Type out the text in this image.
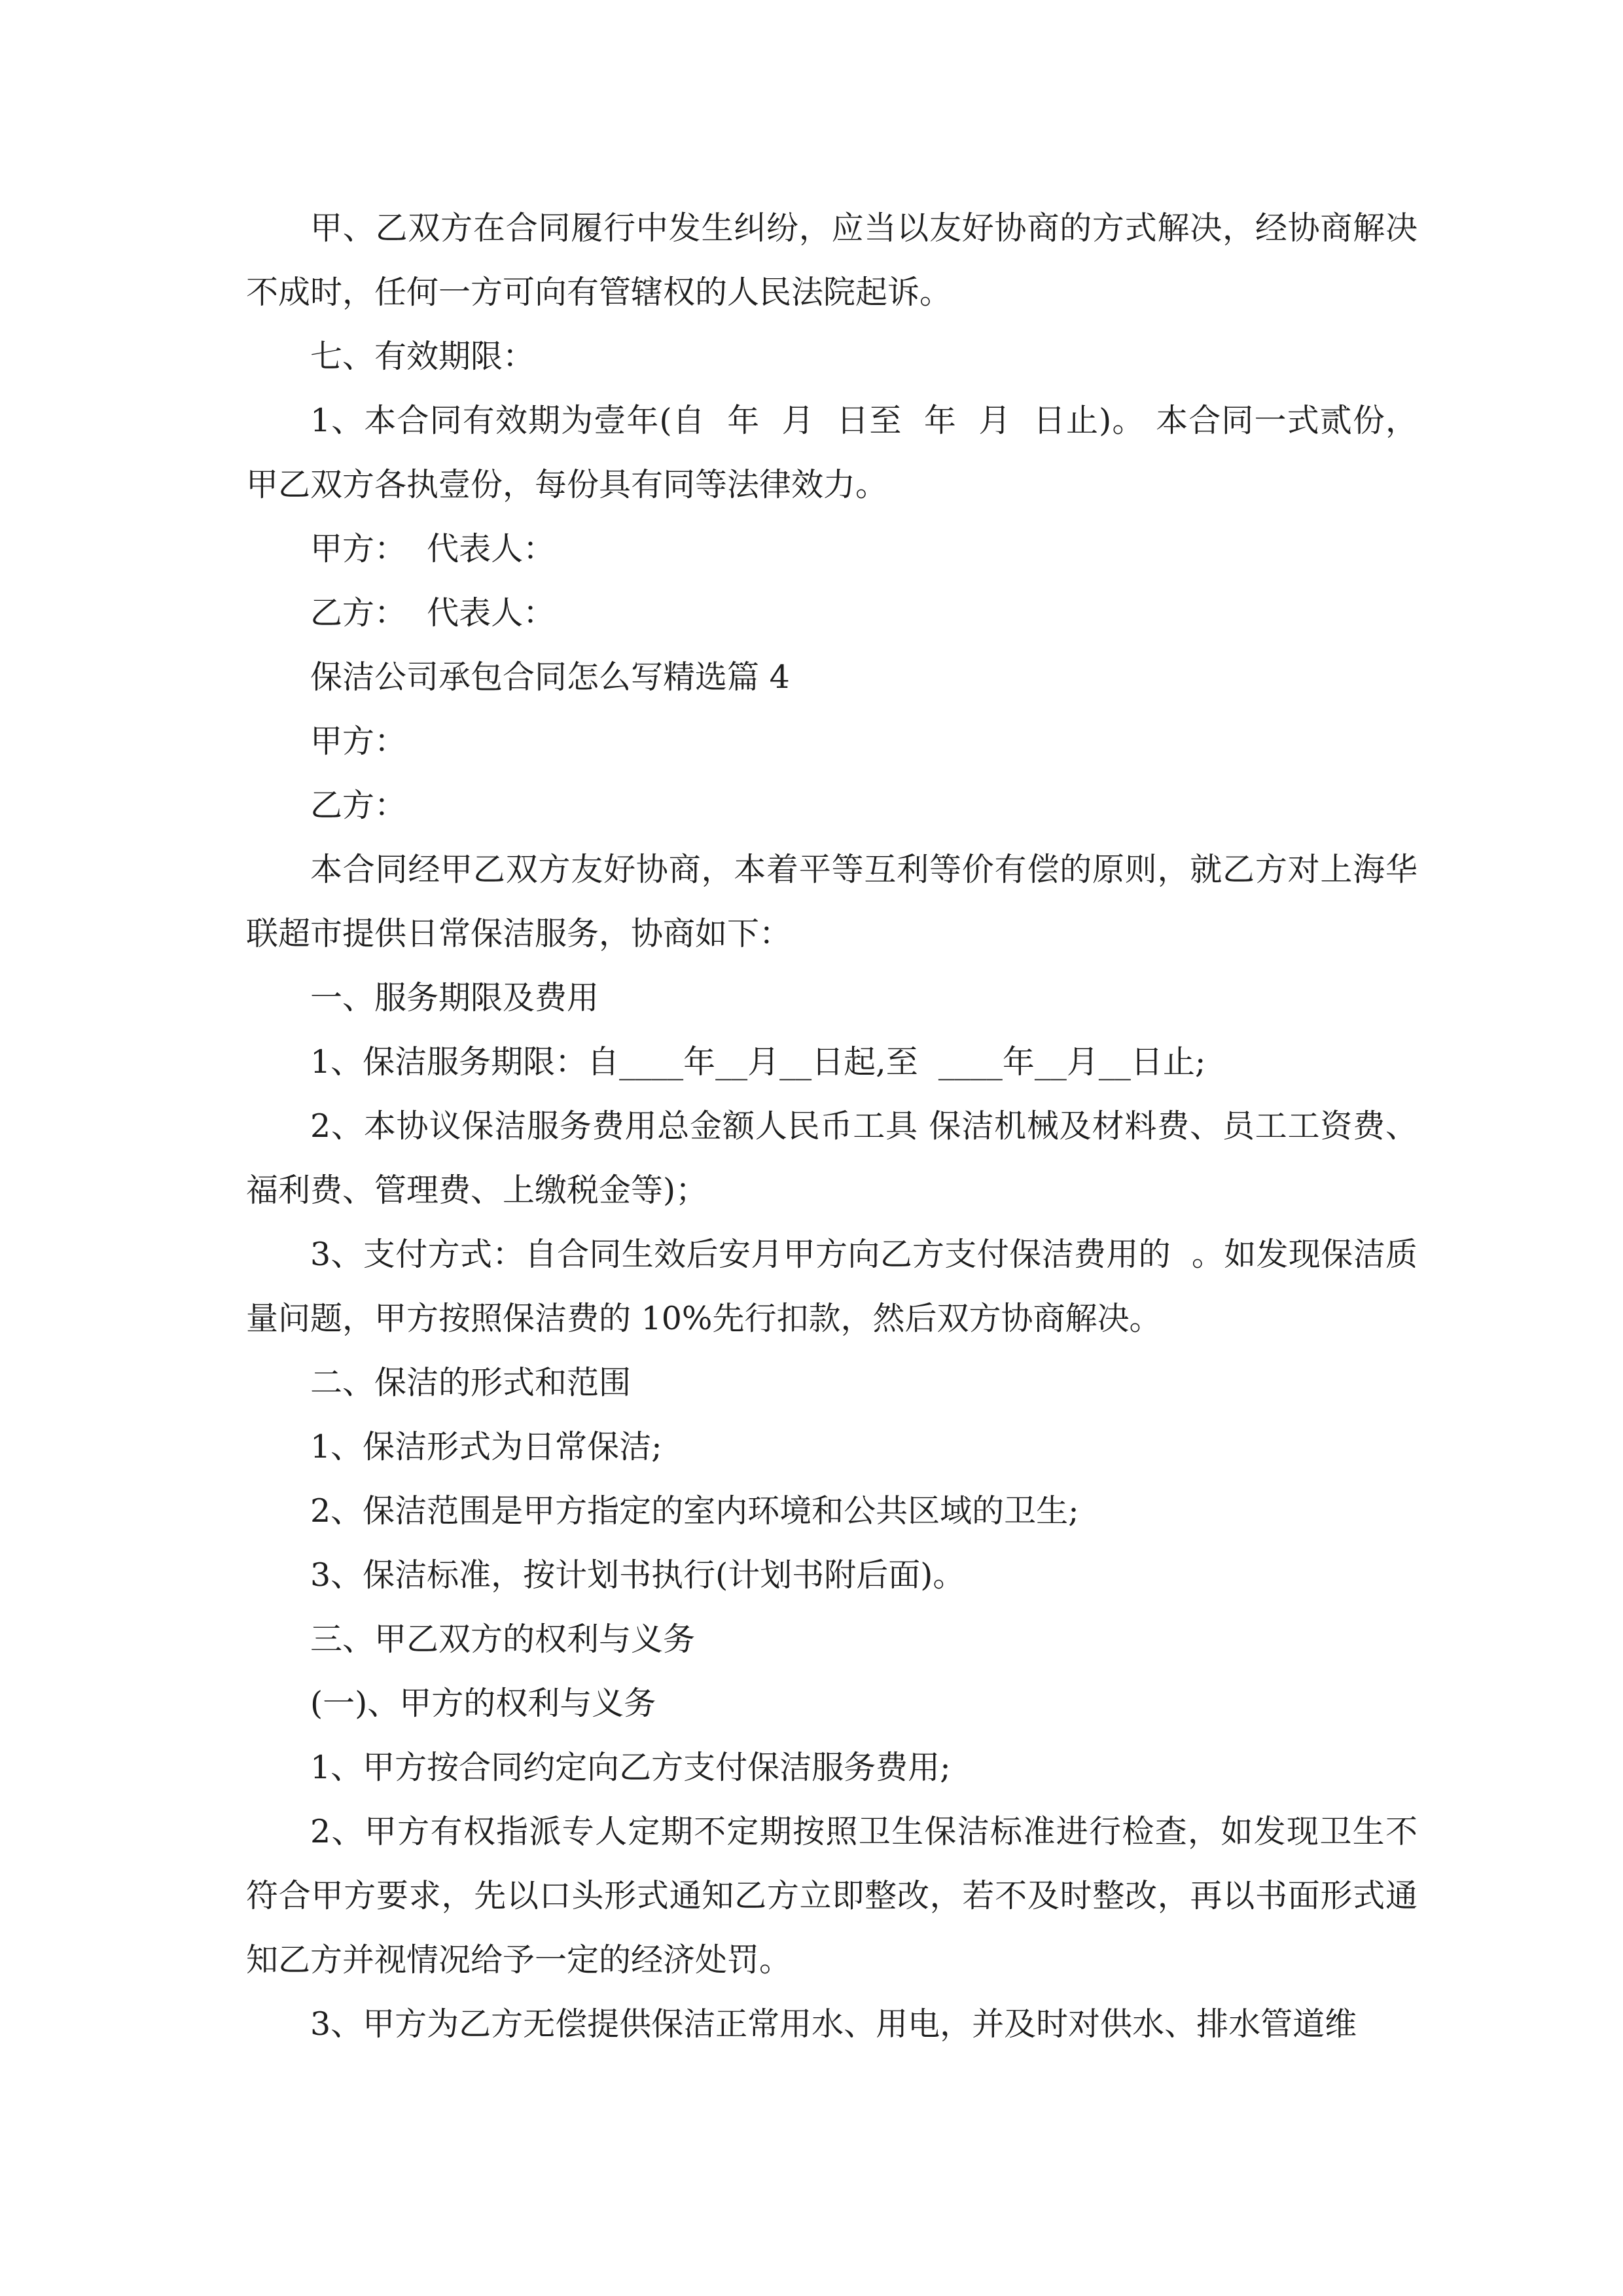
甲、乙双方在合同履行中发生纠纷，应当以友好协商的方式解决，经协商解决不成时，任何一方可向有管辖权的人民法院起诉。

七、有效期限：

1、本合同有效期为壹年(自  年  月  日至  年  月  日止)。 本合同一式贰份，甲乙双方各执壹份，每份具有同等法律效力。

甲方：  代表人：

乙方：  代表人：

保洁公司承包合同怎么写精选篇 4

甲方：

乙方：

本合同经甲乙双方友好协商，本着平等互利等价有偿的原则，就乙方对上海华联超市提供日常保洁服务，协商如下：

一、服务期限及费用

1、保洁服务期限：自____年__月__日起,至  ____年__月__日止;

2、本协议保洁服务费用总金额人民币工具 保洁机械及材料费、员工工资费、福利费、管理费、上缴税金等)；

3、支付方式：自合同生效后安月甲方向乙方支付保洁费用的  。如发现保洁质量问题，甲方按照保洁费的 10%先行扣款，然后双方协商解决。

二、保洁的形式和范围

1、保洁形式为日常保洁;

2、保洁范围是甲方指定的室内环境和公共区域的卫生;

3、保洁标准，按计划书执行(计划书附后面)。

三、甲乙双方的权利与义务

(一)、甲方的权利与义务

1、甲方按合同约定向乙方支付保洁服务费用;

2、甲方有权指派专人定期不定期按照卫生保洁标准进行检查，如发现卫生不符合甲方要求，先以口头形式通知乙方立即整改，若不及时整改，再以书面形式通知乙方并视情况给予一定的经济处罚。

3、甲方为乙方无偿提供保洁正常用水、用电，并及时对供水、排水管道维
